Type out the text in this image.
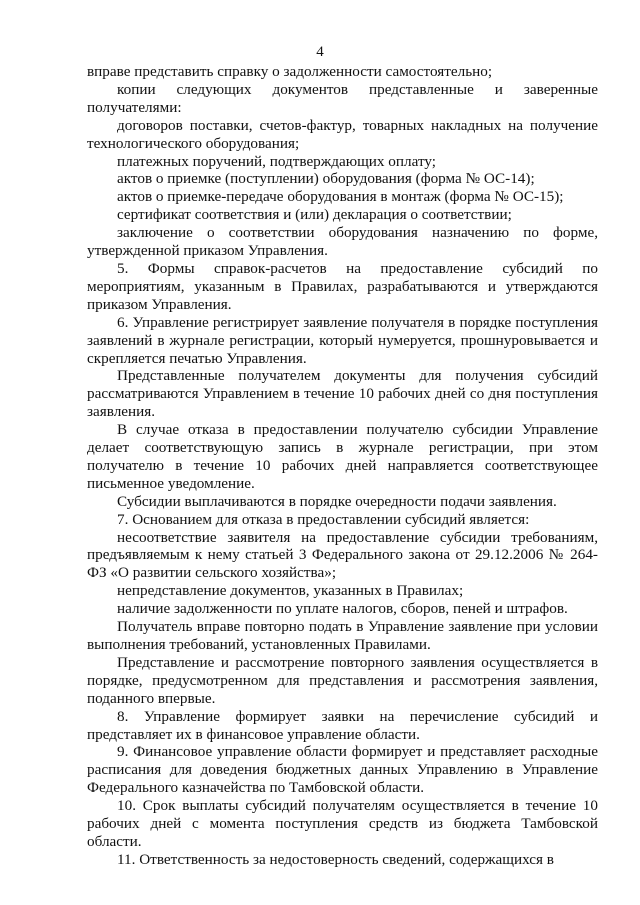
4

вправе представить справку о задолженности самостоятельно;

копии следующих документов представленные и заверенные получателями:

договоров поставки, счетов-фактур, товарных накладных на получение технологического оборудования;

платежных поручений, подтверждающих оплату;

актов о приемке (поступлении) оборудования (форма № ОС-14);

актов о приемке-передаче оборудования в монтаж (форма № ОС-15);

сертификат соответствия и (или) декларация о соответствии;

заключение о соответствии оборудования назначению по форме, утвержденной приказом Управления.

5. Формы справок-расчетов на предоставление субсидий по мероприятиям, указанным в Правилах, разрабатываются и утверждаются приказом Управления.

6. Управление регистрирует заявление получателя в порядке поступления заявлений в журнале регистрации, который нумеруется, прошнуровывается и скрепляется печатью Управления.

Представленные получателем документы для получения субсидий рассматриваются Управлением в течение 10 рабочих дней со дня поступления заявления.

В случае отказа в предоставлении получателю субсидии Управление делает соответствующую запись в журнале регистрации, при этом получателю в течение 10 рабочих дней направляется соответствующее письменное уведомление.

Субсидии выплачиваются в порядке очередности подачи заявления.

7. Основанием для отказа в предоставлении субсидий является:

несоответствие заявителя на предоставление субсидии требованиям, предъявляемым к нему статьей 3 Федерального закона от 29.12.2006 № 264-ФЗ «О развитии сельского хозяйства»;

непредставление документов, указанных в Правилах;

наличие задолженности по уплате налогов, сборов, пеней и штрафов.

Получатель вправе повторно подать в Управление заявление при условии выполнения требований, установленных Правилами.

Представление и рассмотрение повторного заявления осуществляется в порядке, предусмотренном для представления и рассмотрения заявления, поданного впервые.

8. Управление формирует заявки на перечисление субсидий и представляет их в финансовое управление области.

9. Финансовое управление области формирует и представляет расходные расписания для доведения бюджетных данных Управлению в Управление Федерального казначейства по Тамбовской области.

10. Срок выплаты субсидий получателям осуществляется в течение 10 рабочих дней с момента поступления средств из бюджета Тамбовской области.

11. Ответственность за недостоверность сведений, содержащихся в
